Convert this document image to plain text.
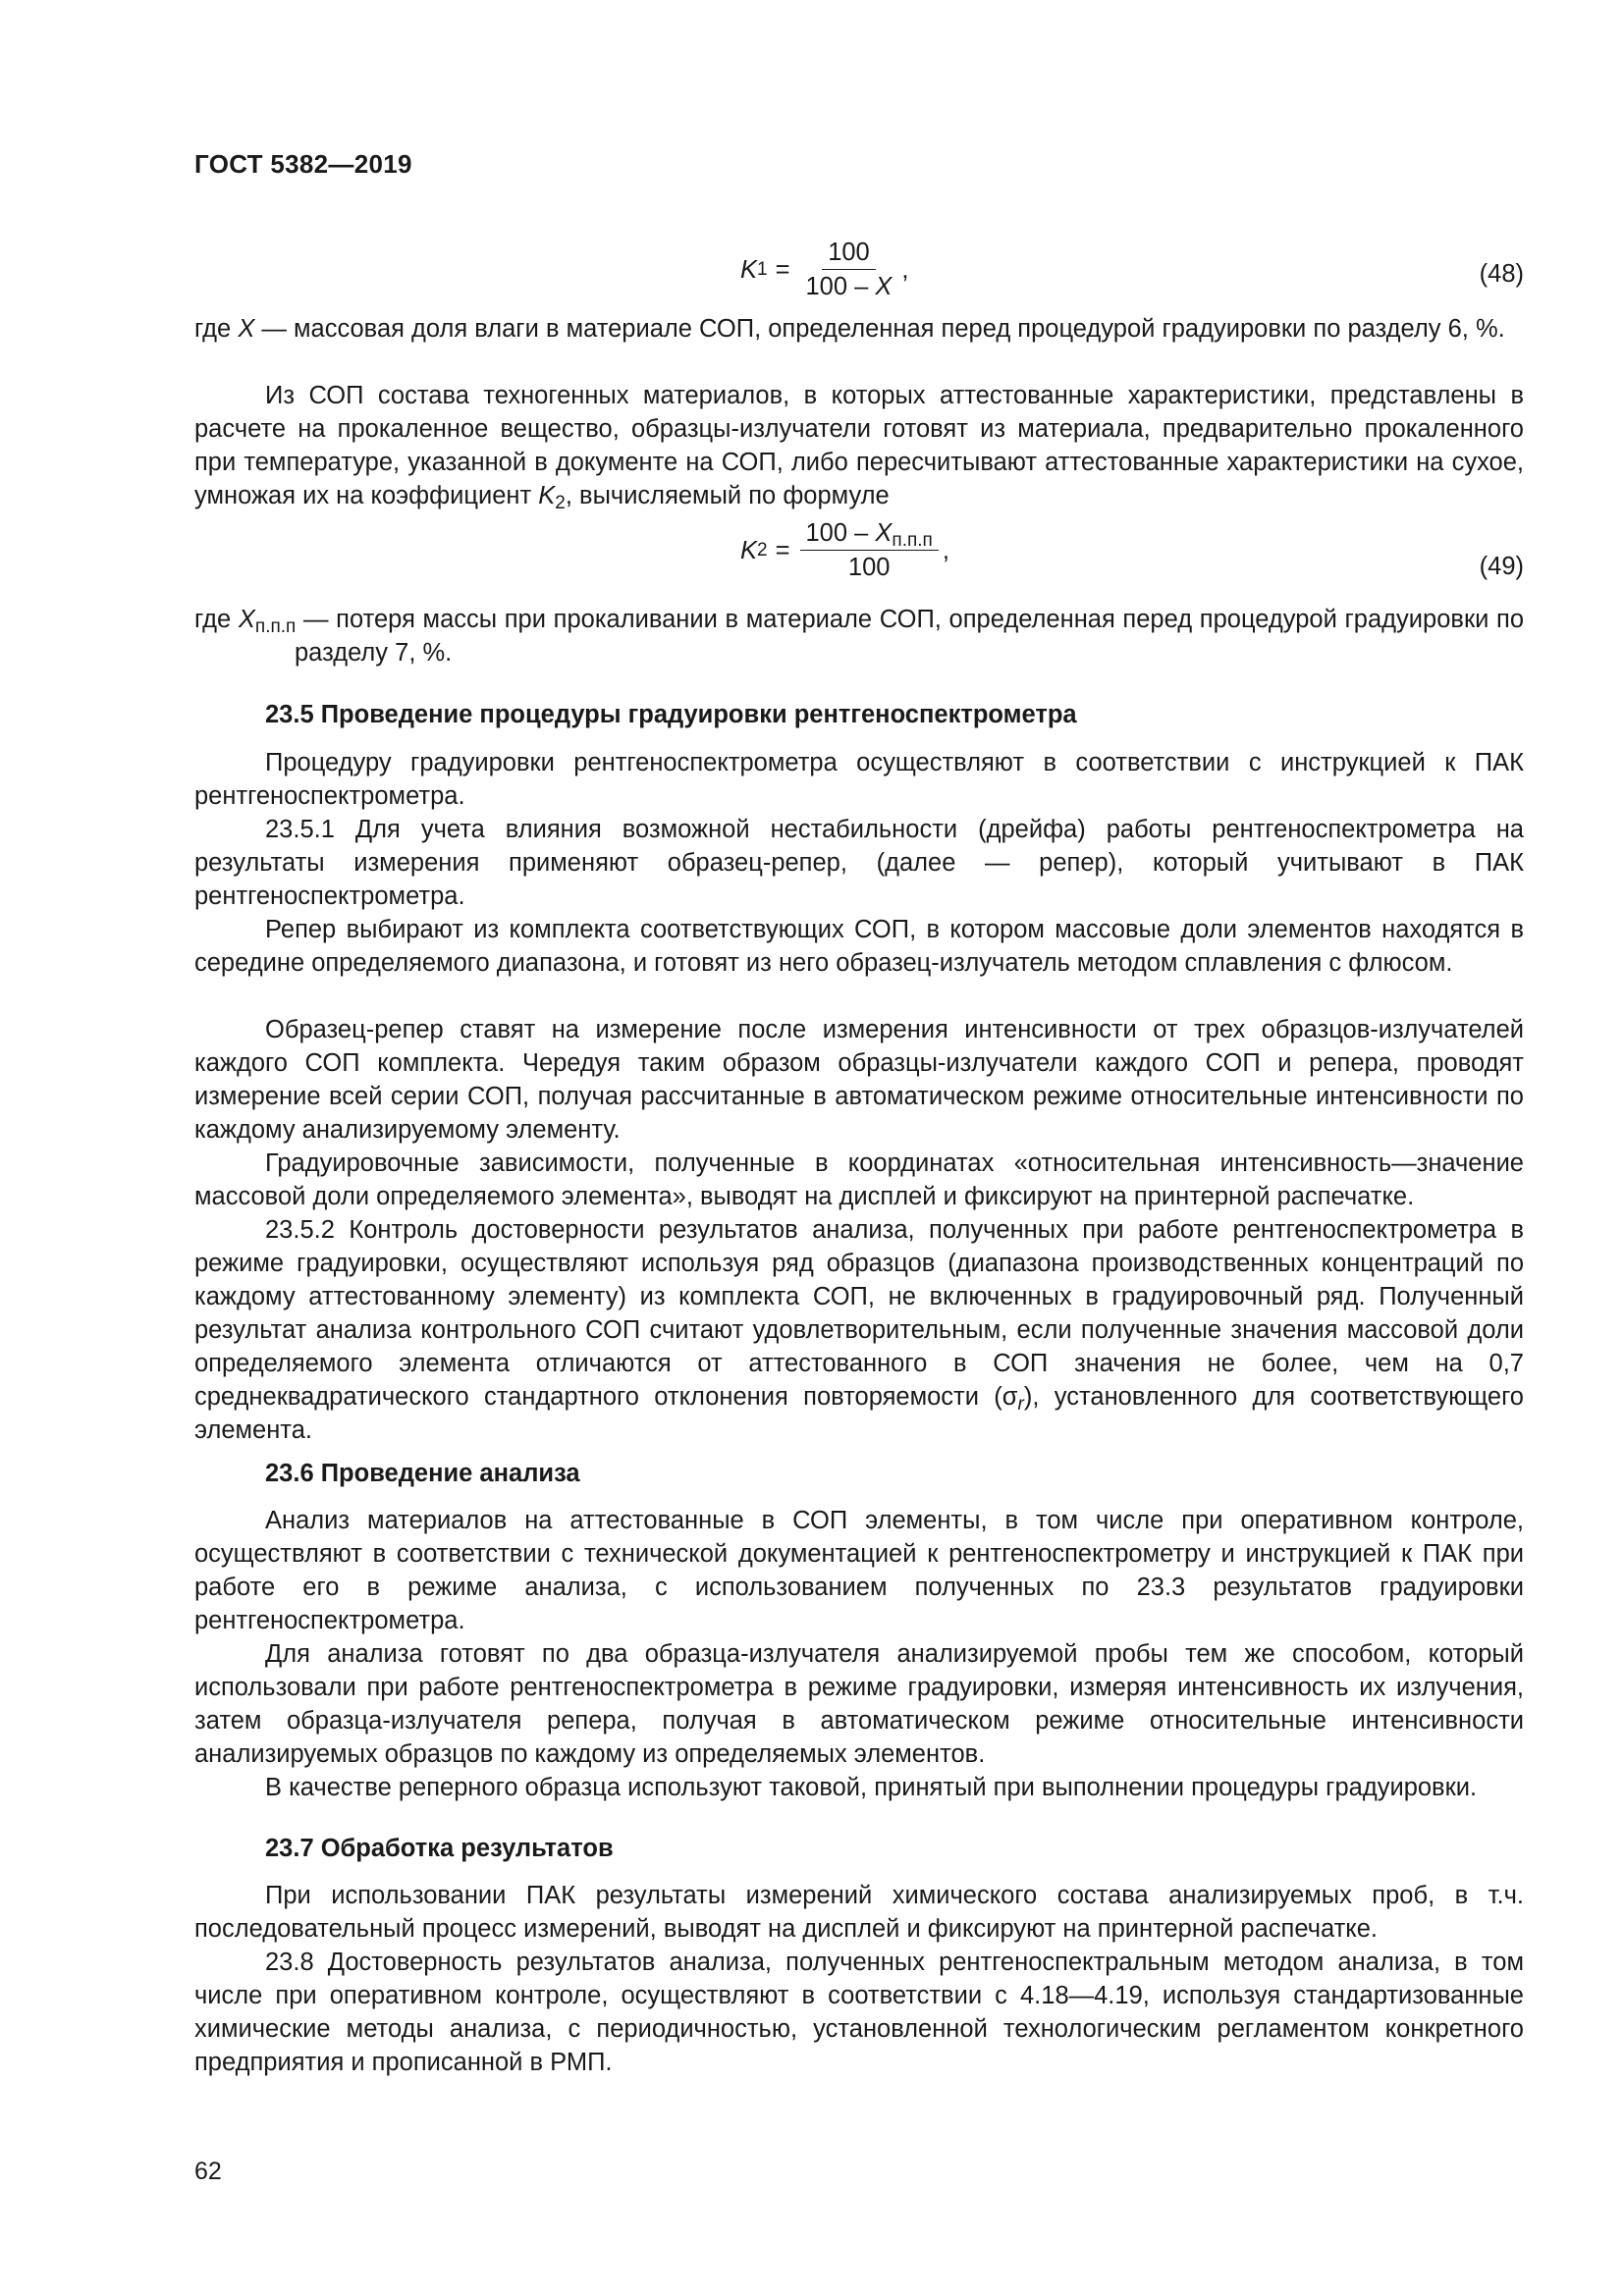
ГОСТ 5382—2019
K $1 = \frac{100}{100 - X}$ ,	(48)

где X — массовая доля влаги в материале СОП, определенная перед процедурой градуировки по разделу 6, %.

Из СОП состава техногенных материалов, в которых аттестованные характеристики, представлены в расчете на прокаленное вещество, образцы-излучатели готовят из материала, предварительно прокаленного при температуре, указанной в документе на СОП, либо пересчитывают аттестованные характеристики на сухое, умножая их на коэффициент $K_2$, вычисляемый по формуле

K $2 = \frac{100 - X_{п.п.п}}{100}$ ,
(49)

где $X_{п.п.п}$ — потеря массы при прокаливании в материале СОП, определенная перед процедурой градуировки по разделу 7, %.

23.5 Проведение процедуры градуировки рентгеноспектрометра

Процедуру градуировки рентгеноспектрометра осуществляют в соответствии с инструкцией к ПАК рентгеноспектрометра.

23.5.1 Для учета влияния возможной нестабильности (дрейфа) работы рентгеноспектрометра на результаты измерения применяют образец-репер, (далее — репер), который учитывают в ПАК рентгеноспектрометра.

Репер выбирают из комплекта соответствующих СОП, в котором массовые доли элементов находятся в середине определяемого диапазона, и готовят из него образец-излучатель методом сплавления с флюсом.

Образец-репер ставят на измерение после измерения интенсивности от трех образцов-излучателей каждого СОП комплекта. Чередуя таким образом образцы-излучатели каждого СОП и репера, проводят измерение всей серии СОП, получая рассчитанные в автоматическом режиме относительные интенсивности по каждому анализируемому элементу.

Градуировочные зависимости, полученные в координатах «относительная интенсивность—значение массовой доли определяемого элемента», выводят на дисплей и фиксируют на принтерной распечатке.

23.5.2 Контроль достоверности результатов анализа, полученных при работе рентгеноспектрометра в режиме градуировки, осуществляют используя ряд образцов (диапазона производственных концентраций по каждому аттестованному элементу) из комплекта СОП, не включенных в градуировочный ряд. Полученный результат анализа контрольного СОП считают удовлетворительным, если полученные значения массовой доли определяемого элемента отличаются от аттестованного в СОП значения не более, чем на 0,7 среднеквадратического стандартного отклонения повторяемости $(\sigma_r)$, установленного для соответствующего элемента.

23.6 Проведение анализа

Анализ материалов на аттестованные в СОП элементы, в том числе при оперативном контроле, осуществляют в соответствии с технической документацией к рентгеноспектрометру и инструкцией к ПАК при работе его в режиме анализа, с использованием полученных по 23.3 результатов градуировки рентгеноспектрометра.

Для анализа готовят по два образца-излучателя анализируемой пробы тем же способом, который использовали при работе рентгеноспектрометра в режиме градуировки, измеряя интенсивность их излучения, затем образца-излучателя репера, получая в автоматическом режиме относительные интенсивности анализируемых образцов по каждому из определяемых элементов.

В качестве реперного образца используют таковой, принятый при выполнении процедуры градуировки.

23.7 Обработка результатов

При использовании ПАК результаты измерений химического состава анализируемых проб, в т.ч. последовательный процесс измерений, выводят на дисплей и фиксируют на принтерной распечатке.

23.8 Достоверность результатов анализа, полученных рентгеноспектральным методом анализа, в том числе при оперативном контроле, осуществляют в соответствии с 4.18—4.19, используя стандартизованные химические методы анализа, с периодичностью, установленной технологическим регламентом конкретного предприятия и прописанной в РМП.

62
